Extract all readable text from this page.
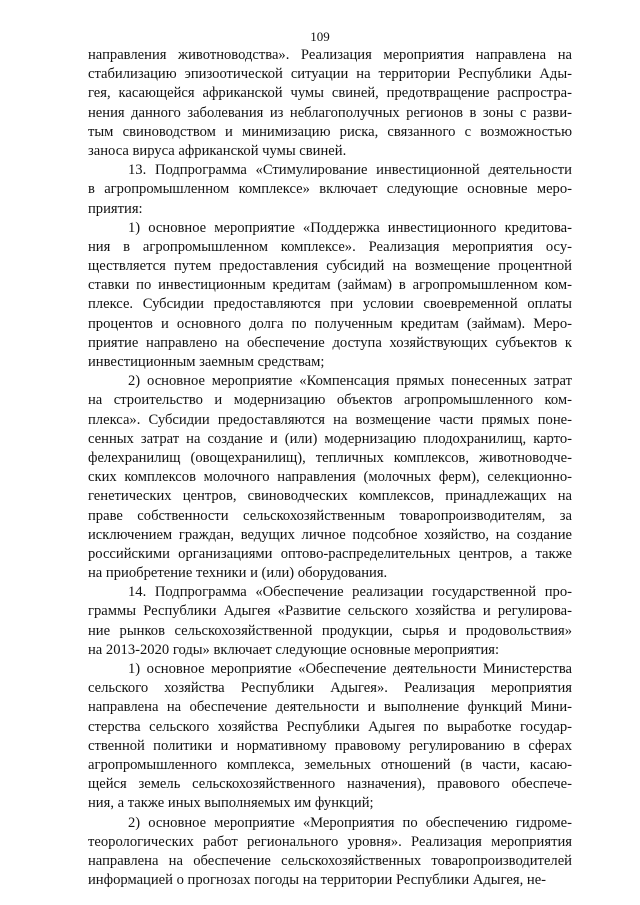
109
направления животноводства». Реализация мероприятия направлена на
стабилизацию эпизоотической ситуации на территории Республики Ады-
гея, касающейся африканской чумы свиней, предотвращение распростра-
нения данного заболевания из неблагополучных регионов в зоны с разви-
тым свиноводством и минимизацию риска, связанного с возможностью
заноса вируса африканской чумы свиней.
13. Подпрограмма «Стимулирование инвестиционной деятельности
в агропромышленном комплексе» включает следующие основные меро-
приятия:
1) основное мероприятие «Поддержка инвестиционного кредитова-
ния в агропромышленном комплексе». Реализация мероприятия осу-
ществляется путем предоставления субсидий на возмещение процентной
ставки по инвестиционным кредитам (займам) в агропромышленном ком-
плексе. Субсидии предоставляются при условии своевременной оплаты
процентов и основного долга по полученным кредитам (займам). Меро-
приятие направлено на обеспечение доступа хозяйствующих субъектов к
инвестиционным заемным средствам;
2) основное мероприятие «Компенсация прямых понесенных затрат
на строительство и модернизацию объектов агропромышленного ком-
плекса». Субсидии предоставляются на возмещение части прямых поне-
сенных затрат на создание и (или) модернизацию плодохранилищ, карто-
фелехранилищ (овощехранилищ), тепличных комплексов, животноводче-
ских комплексов молочного направления (молочных ферм), селекционно-
генетических центров, свиноводческих комплексов, принадлежащих на
праве собственности сельскохозяйственным товаропроизводителям, за
исключением граждан, ведущих личное подсобное хозяйство, на создание
российскими организациями оптово-распределительных центров, а также
на приобретение техники и (или) оборудования.
14. Подпрограмма «Обеспечение реализации государственной про-
граммы Республики Адыгея «Развитие сельского хозяйства и регулирова-
ние рынков сельскохозяйственной продукции, сырья и продовольствия»
на 2013-2020 годы» включает следующие основные мероприятия:
1) основное мероприятие «Обеспечение деятельности Министерства
сельского хозяйства Республики Адыгея». Реализация мероприятия
направлена на обеспечение деятельности и выполнение функций Мини-
стерства сельского хозяйства Республики Адыгея по выработке государ-
ственной политики и нормативному правовому регулированию в сферах
агропромышленного комплекса, земельных отношений (в части, касаю-
щейся земель сельскохозяйственного назначения), правового обеспече-
ния, а также иных выполняемых им функций;
2) основное мероприятие «Мероприятия по обеспечению гидроме-
теорологических работ регионального уровня». Реализация мероприятия
направлена на обеспечение сельскохозяйственных товаропроизводителей
информацией о прогнозах погоды на территории Республики Адыгея, не-
